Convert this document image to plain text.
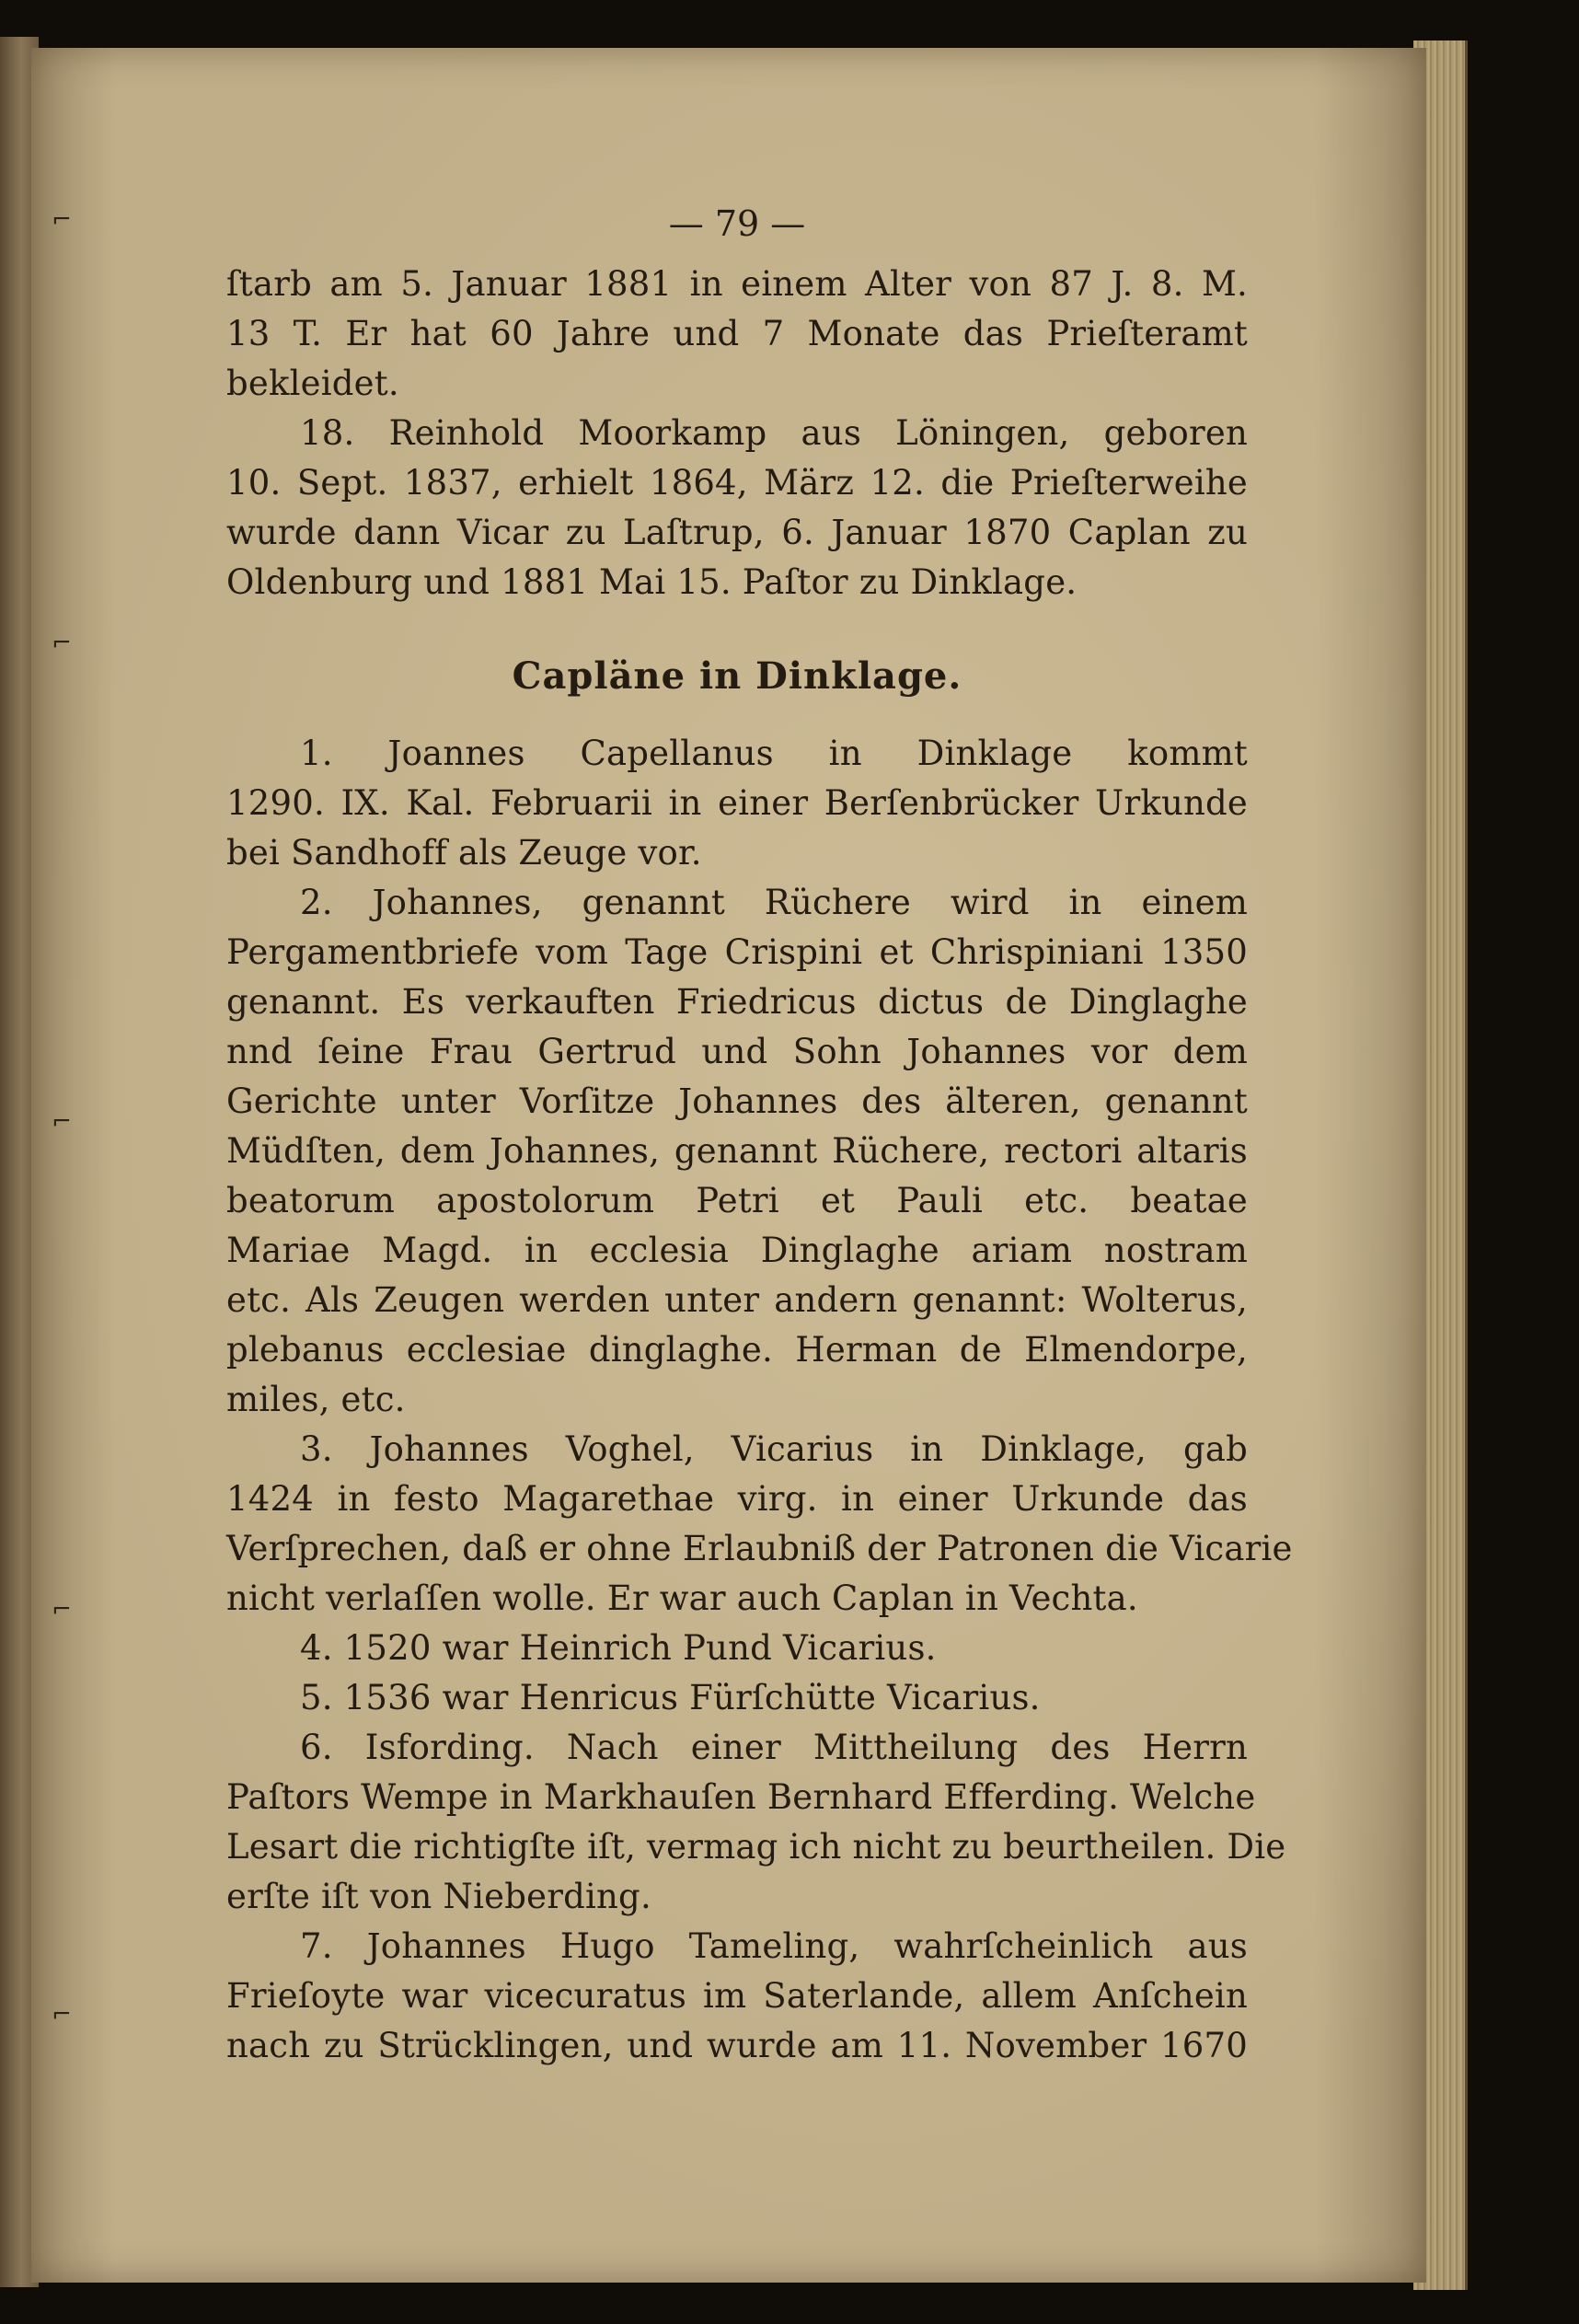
⌐
⌐
⌐
⌐
⌐
— 79 —
ſtarb am 5. Januar 1881 in einem Alter von 87 J. 8. M.
13 T. Er hat 60 Jahre und 7 Monate das Prieſteramt
bekleidet.
18. Reinhold Moorkamp aus Löningen, geboren
10. Sept. 1837, erhielt 1864, März 12. die Prieſterweihe
wurde dann Vicar zu Laſtrup, 6. Januar 1870 Caplan zu
Oldenburg und 1881 Mai 15. Paſtor zu Dinklage.
Capläne in Dinklage.
1. Joannes Capellanus in Dinklage kommt
1290. IX. Kal. Februarii in einer Berſenbrücker Urkunde
bei Sandhoff als Zeuge vor.
2. Johannes, genannt Rüchere wird in einem
Pergamentbriefe vom Tage Crispini et Chrispiniani 1350
genannt. Es verkauften Friedricus dictus de Dinglaghe
nnd ſeine Frau Gertrud und Sohn Johannes vor dem
Gerichte unter Vorſitze Johannes des älteren, genannt
Müdſten, dem Johannes, genannt Rüchere, rectori altaris
beatorum apostolorum Petri et Pauli etc. beatae
Mariae Magd. in ecclesia Dinglaghe ariam nostram
etc. Als Zeugen werden unter andern genannt: Wolterus,
plebanus ecclesiae dinglaghe. Herman de Elmendorpe,
miles, etc.
3. Johannes Voghel, Vicarius in Dinklage, gab
1424 in festo Magarethae virg. in einer Urkunde das
Verſprechen, daß er ohne Erlaubniß der Patronen die Vicarie
nicht verlaſſen wolle. Er war auch Caplan in Vechta.
4. 1520 war Heinrich Pund Vicarius.
5. 1536 war Henricus Fürſchütte Vicarius.
6. Isfording. Nach einer Mittheilung des Herrn
Paſtors Wempe in Markhauſen Bernhard Efferding. Welche
Lesart die richtigſte iſt, vermag ich nicht zu beurtheilen. Die
erſte iſt von Nieberding.
7. Johannes Hugo Tameling, wahrſcheinlich aus
Frieſoyte war vicecuratus im Saterlande, allem Anſchein
nach zu Strücklingen, und wurde am 11. November 1670
